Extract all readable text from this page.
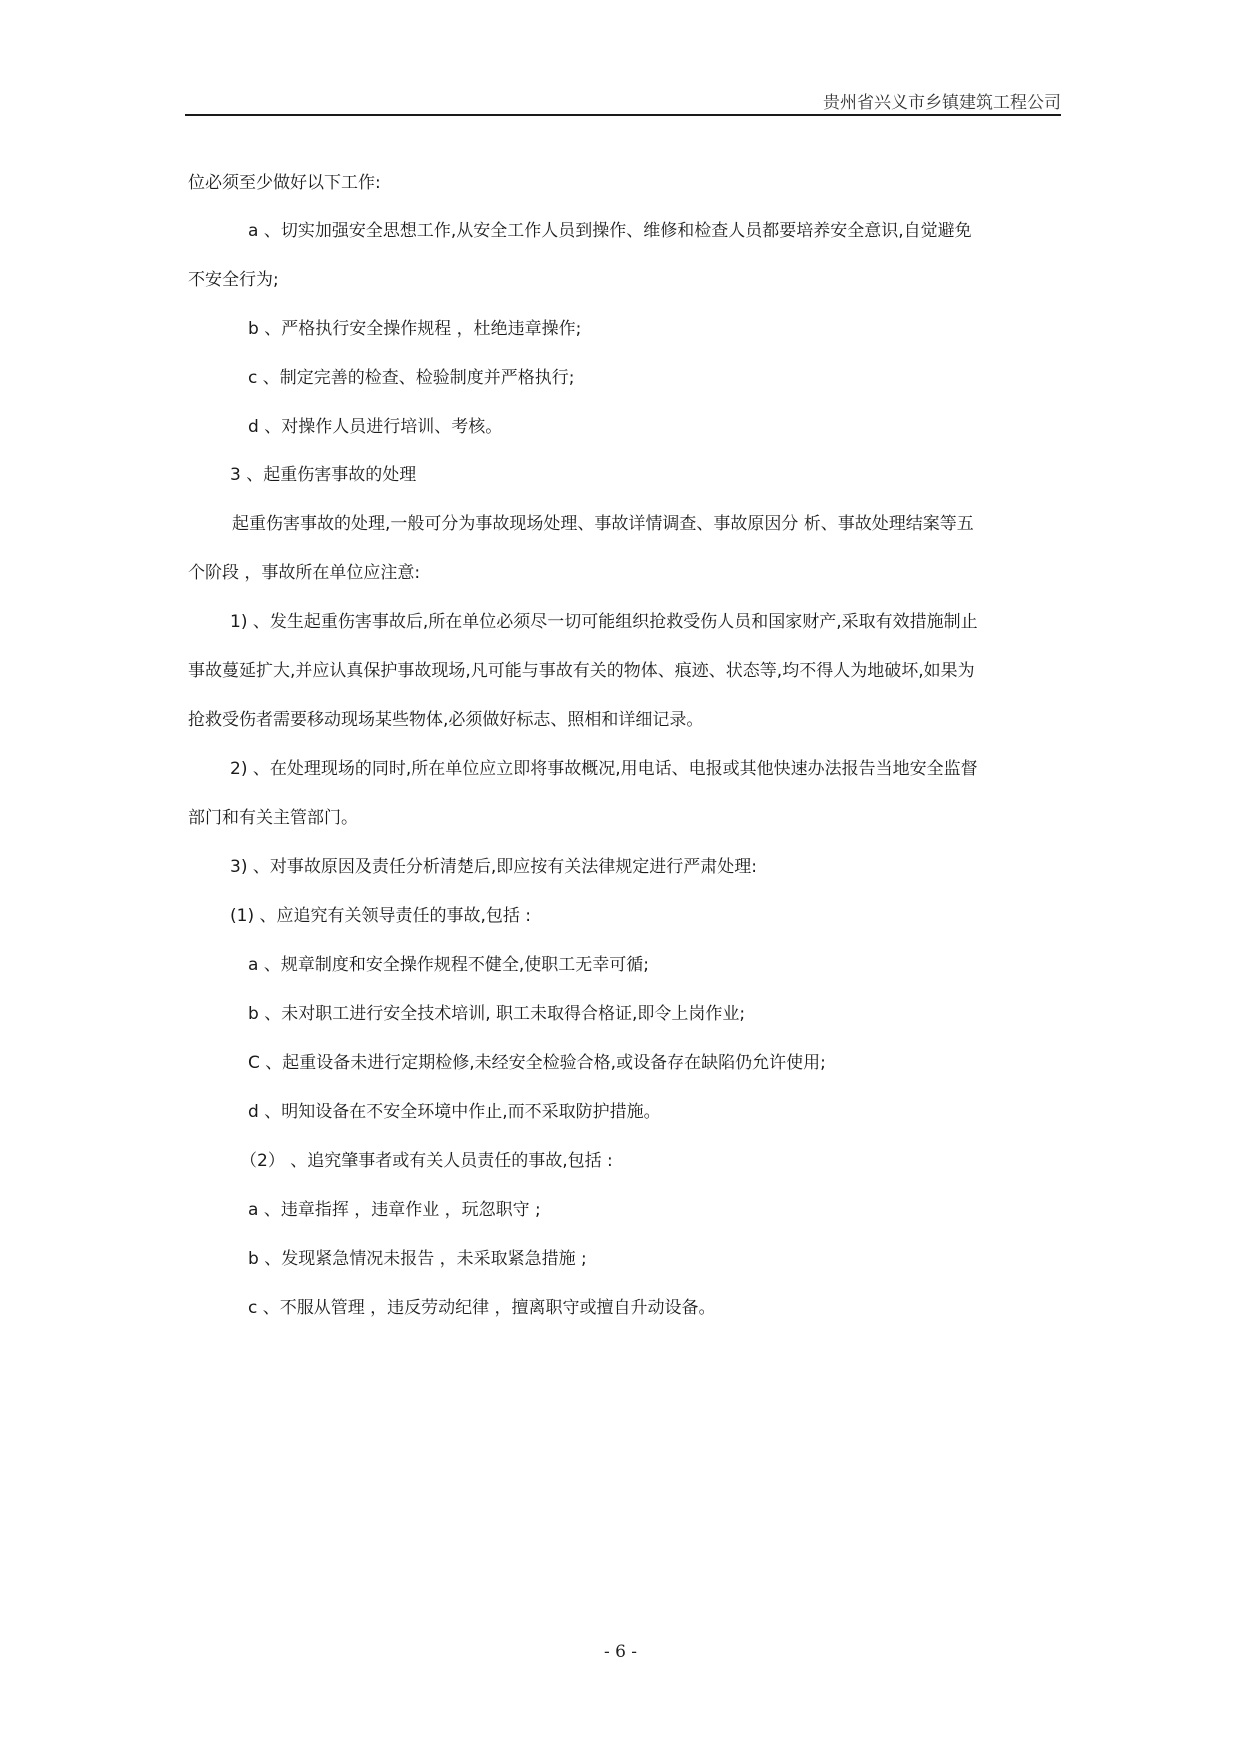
贵州省兴义市乡镇建筑工程公司
位必须至少做好以下工作:
a 、切实加强安全思想工作,从安全工作人员到操作、维修和检查人员都要培养安全意识,自觉避免
不安全行为;
b 、严格执行安全操作规程 ，杜绝违章操作;
c 、制定完善的检查、检验制度并严格执行;
d 、对操作人员进行培训、考核。
3 、起重伤害事故的处理
起重伤害事故的处理,一般可分为事故现场处理、事故详情调查、事故原因分 析、事故处理结案等五
个阶段 ，事故所在单位应注意:
1) 、发生起重伤害事故后,所在单位必须尽一切可能组织抢救受伤人员和国家财产,采取有效措施制止
事故蔓延扩大,并应认真保护事故现场,凡可能与事故有关的物体、痕迹、状态等,均不得人为地破坏,如果为
抢救受伤者需要移动现场某些物体,必须做好标志、照相和详细记录。
2) 、在处理现场的同时,所在单位应立即将事故概况,用电话、电报或其他快速办法报告当地安全监督
部门和有关主管部门。
3) 、对事故原因及责任分析清楚后,即应按有关法律规定进行严肃处理:
(1) 、应追究有关领导责任的事故,包括 :
a 、规章制度和安全操作规程不健全,使职工无幸可循;
b 、未对职工进行安全技术培训, 职工未取得合格证,即令上岗作业;
C 、起重设备未进行定期检修,未经安全检验合格,或设备存在缺陷仍允许使用;
d 、明知设备在不安全环境中作止,而不采取防护措施。
（2） 、追究肇事者或有关人员责任的事故,包括 :
a 、违章指挥 ，违章作业 ，玩忽职守 ;
b 、发现紧急情况未报告 ，未采取紧急措施 ;
c 、不服从管理 ，违反劳动纪律 ，擅离职守或擅自升动设备。
- 6 -
